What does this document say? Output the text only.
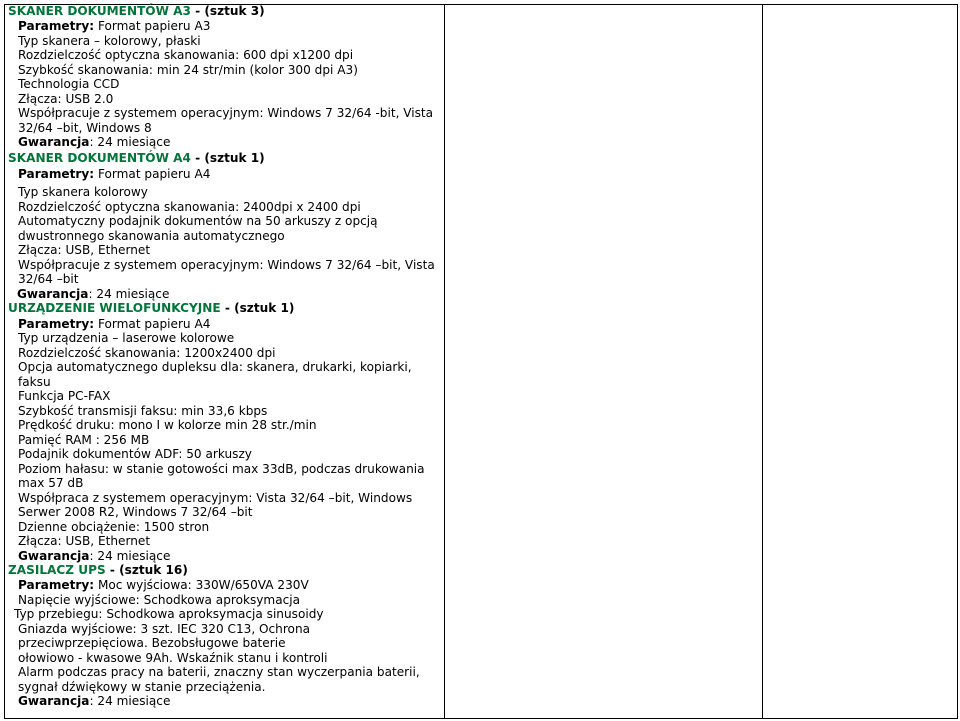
SKANER DOKUMENTÓW A3 - (sztuk 3)
Parametry: Format papieru A3
Typ skanera – kolorowy, płaski
Rozdzielczość optyczna skanowania: 600 dpi x1200 dpi
Szybkość skanowania: min 24 str/min (kolor 300 dpi A3)
Technologia CCD
Złącza: USB 2.0
Współpracuje z systemem operacyjnym: Windows 7 32/64 -bit, Vista
32/64 –bit, Windows 8
Gwarancja: 24 miesiące
SKANER DOKUMENTÓW A4 - (sztuk 1)
Parametry: Format papieru A4
Typ skanera kolorowy
Rozdzielczość optyczna skanowania: 2400dpi x 2400 dpi
Automatyczny podajnik dokumentów na 50 arkuszy z opcją
dwustronnego skanowania automatycznego
Złącza: USB, Ethernet
Współpracuje z systemem operacyjnym: Windows 7 32/64 –bit, Vista
32/64 –bit
Gwarancja: 24 miesiące
URZĄDZENIE WIELOFUNKCYJNE - (sztuk 1)
Parametry: Format papieru A4
Typ urządzenia – laserowe kolorowe
Rozdzielczość skanowania: 1200x2400 dpi
Opcja automatycznego dupleksu dla: skanera, drukarki, kopiarki,
faksu
Funkcja PC-FAX
Szybkość transmisji faksu: min 33,6 kbps
Prędkość druku: mono I w kolorze min 28 str./min
Pamięć RAM : 256 MB
Podajnik dokumentów ADF: 50 arkuszy
Poziom hałasu: w stanie gotowości max 33dB, podczas drukowania
max 57 dB
Współpraca z systemem operacyjnym: Vista 32/64 –bit, Windows
Serwer 2008 R2, Windows 7 32/64 –bit
Dzienne obciążenie: 1500 stron
Złącza: USB, Ethernet
Gwarancja: 24 miesiące
ZASILACZ UPS - (sztuk 16)
Parametry: Moc wyjściowa: 330W/650VA 230V
Napięcie wyjściowe: Schodkowa aproksymacja
Typ przebiegu: Schodkowa aproksymacja sinusoidy
Gniazda wyjściowe: 3 szt. IEC 320 C13, Ochrona
przeciwprzepięciowa. Bezobsługowe baterie
ołowiowo - kwasowe 9Ah. Wskaźnik stanu i kontroli
Alarm podczas pracy na baterii, znaczny stan wyczerpania baterii,
sygnał dźwiękowy w stanie przeciążenia.
Gwarancja: 24 miesiące
